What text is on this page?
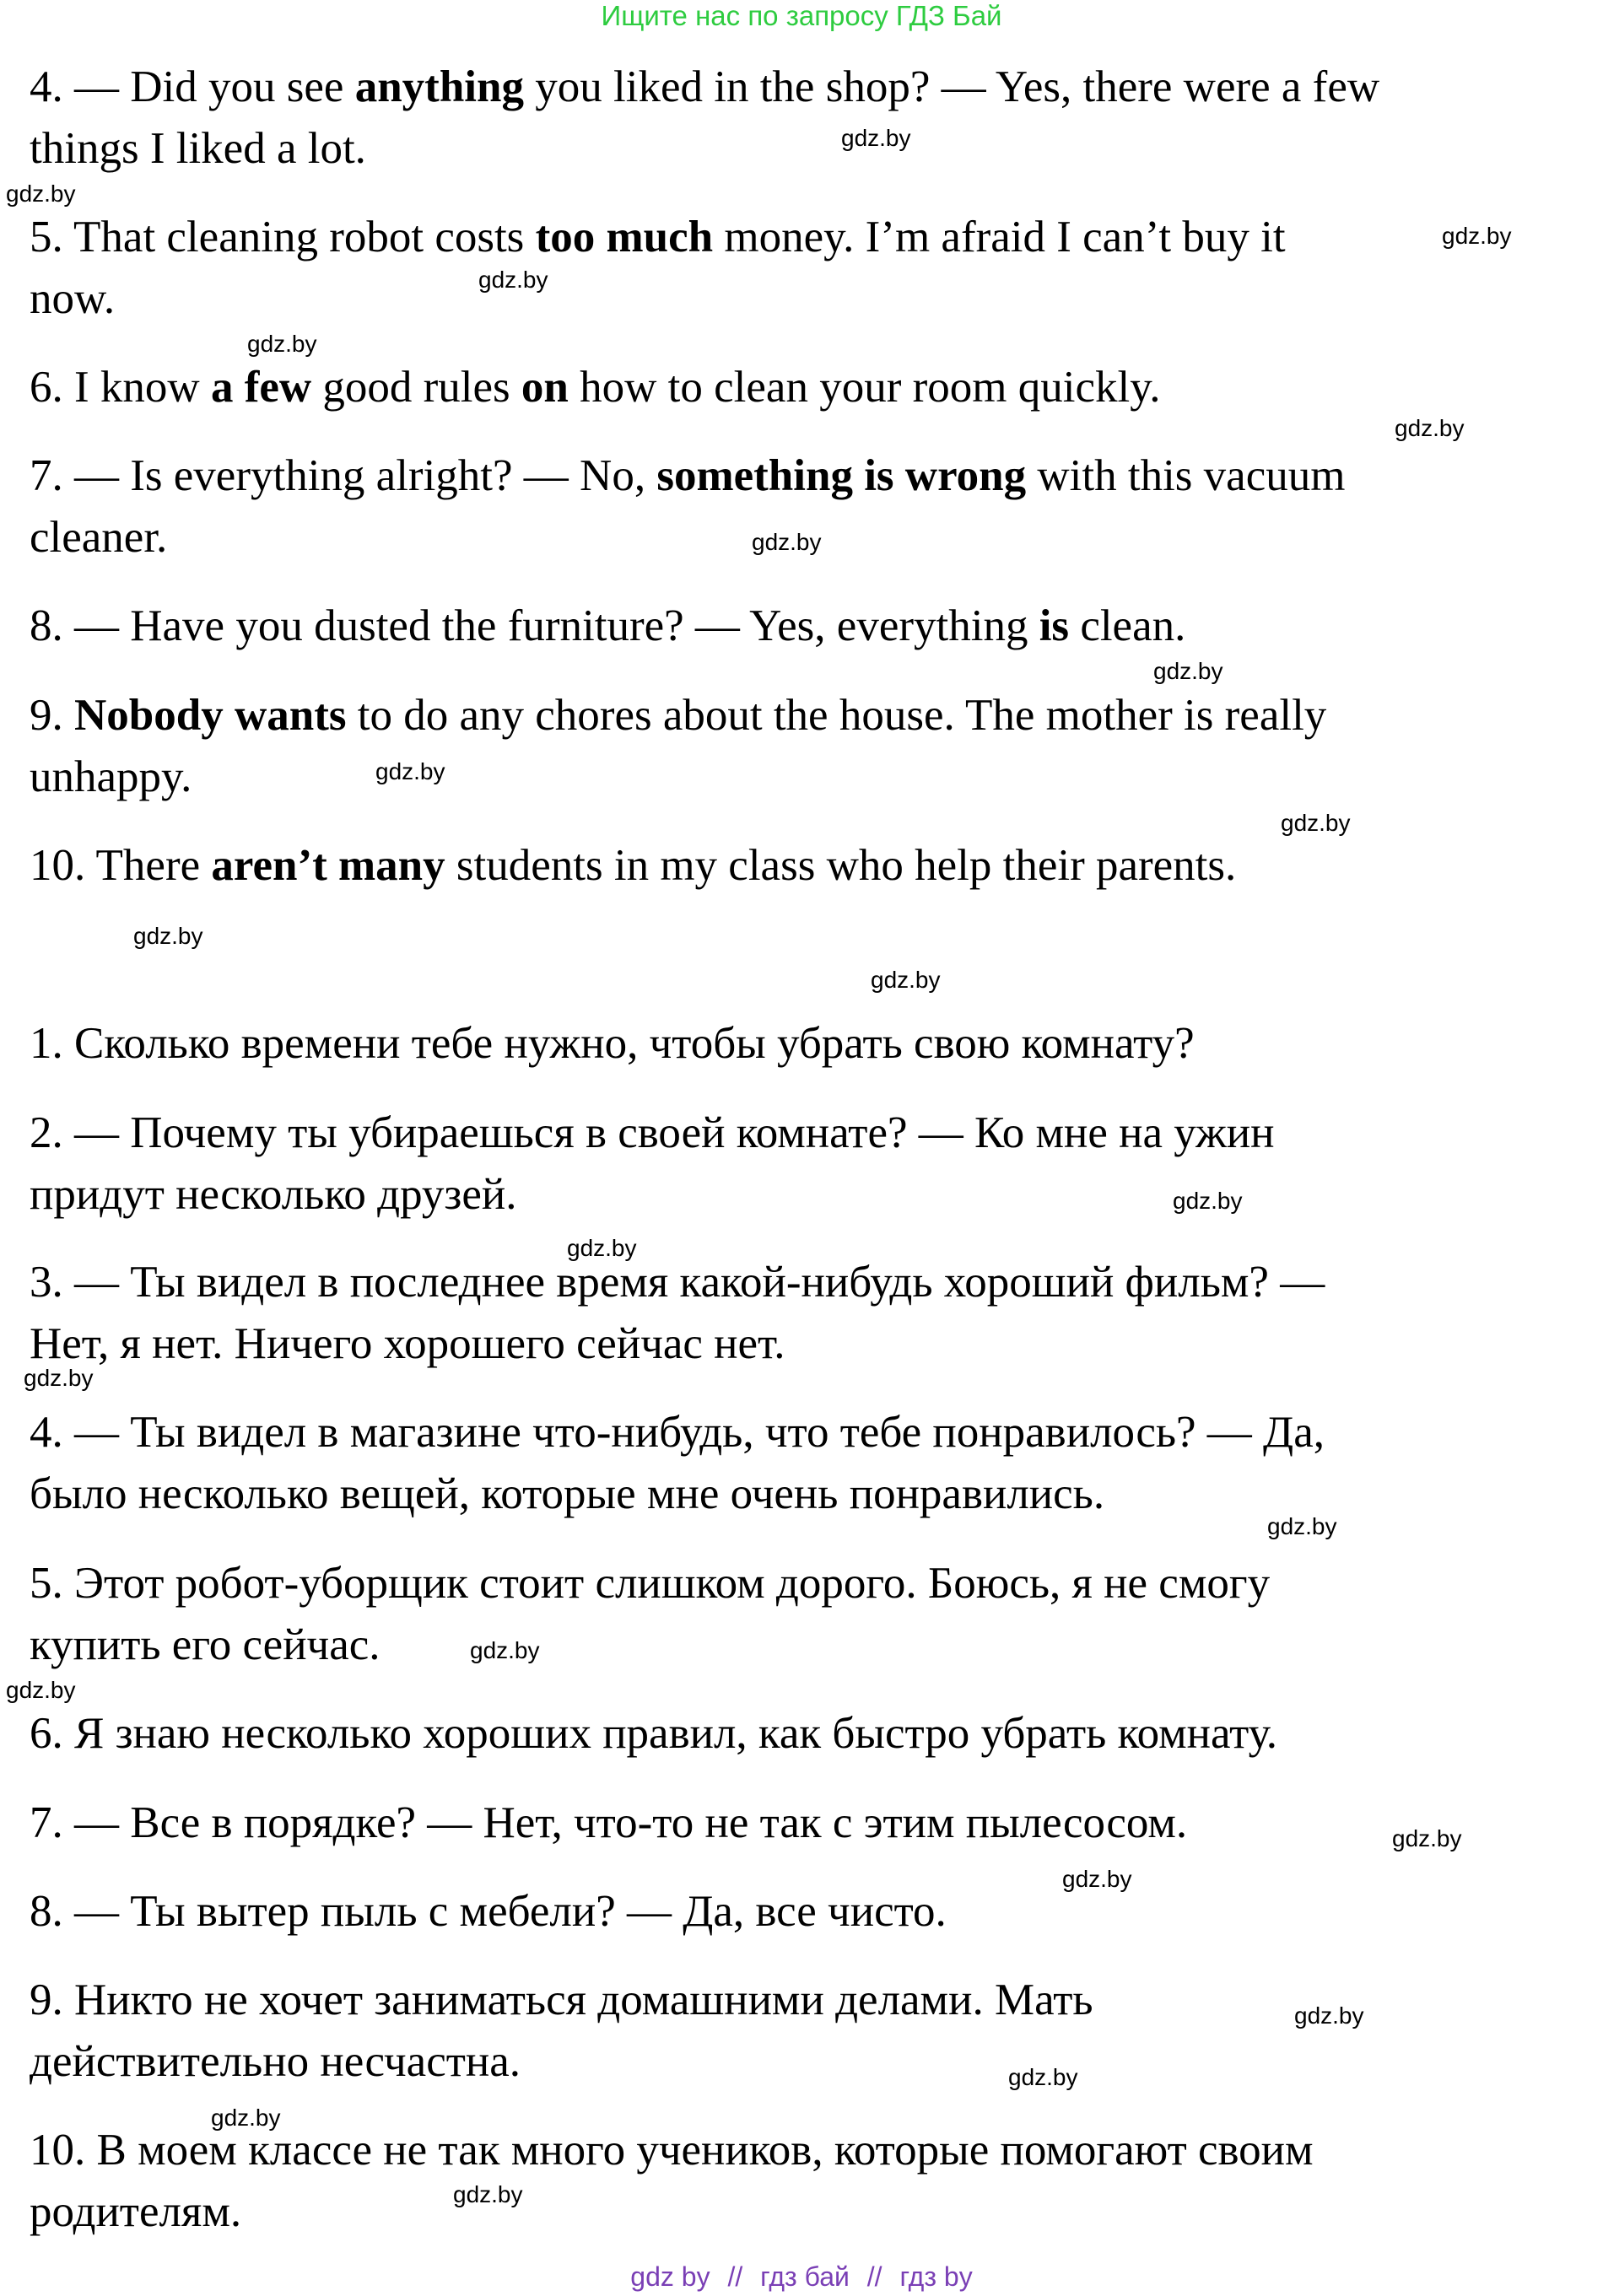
Ищите нас по запросу ГДЗ Бай
4. — Did you see anything you liked in the shop? — Yes, there were a few
things I liked a lot.
5. That cleaning robot costs too much money. I’m afraid I can’t buy it
now.
6. I know a few good rules on how to clean your room quickly.
7. — Is everything alright? — No, something is wrong with this vacuum
cleaner.
8. — Have you dusted the furniture? — Yes, everything is clean.
9. Nobody wants to do any chores about the house. The mother is really
unhappy.
10. There aren’t many students in my class who help their parents.
1. Сколько времени тебе нужно, чтобы убрать свою комнату?
2. — Почему ты убираешься в своей комнате? — Ко мне на ужин
придут несколько друзей.
3. — Ты видел в последнее время какой-нибудь хороший фильм? —
Нет, я нет. Ничего хорошего сейчас нет.
4. — Ты видел в магазине что-нибудь, что тебе понравилось? — Да,
было несколько вещей, которые мне очень понравились.
5. Этот робот-уборщик стоит слишком дорого. Боюсь, я не смогу
купить его сейчас.
6. Я знаю несколько хороших правил, как быстро убрать комнату.
7. — Все в порядке? — Нет, что-то не так с этим пылесосом.
8. — Ты вытер пыль с мебели? — Да, все чисто.
9. Никто не хочет заниматься домашними делами. Мать
действительно несчастна.
10. В моем классе не так много учеников, которые помогают своим
родителям.
gdz.by
gdz.by
gdz.by
gdz.by
gdz.by
gdz.by
gdz.by
gdz.by
gdz.by
gdz.by
gdz.by
gdz.by
gdz.by
gdz.by
gdz.by
gdz.by
gdz.by
gdz.by
gdz.by
gdz.by
gdz.by
gdz.by
gdz.by
gdz.by
gdz by // гдз бай // гдз by
